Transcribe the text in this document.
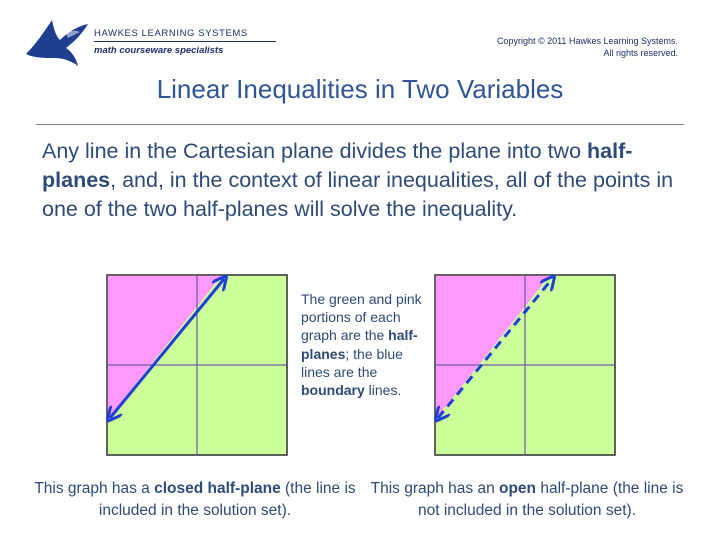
HAWKES LEARNING SYSTEMS
math courseware specialists
Copyright © 2011 Hawkes Learning Systems.
All rights reserved.
Linear Inequalities in Two Variables
Any line in the Cartesian plane divides the plane into two half-planes, and, in the context of linear inequalities, all of the points in one of the two half-planes will solve the inequality.
The green and pink portions of each graph are the half-planes; the blue lines are the boundary lines.
This graph has a closed half-plane (the line is included in the solution set).
This graph has an open half-plane (the line is not included in the solution set).
